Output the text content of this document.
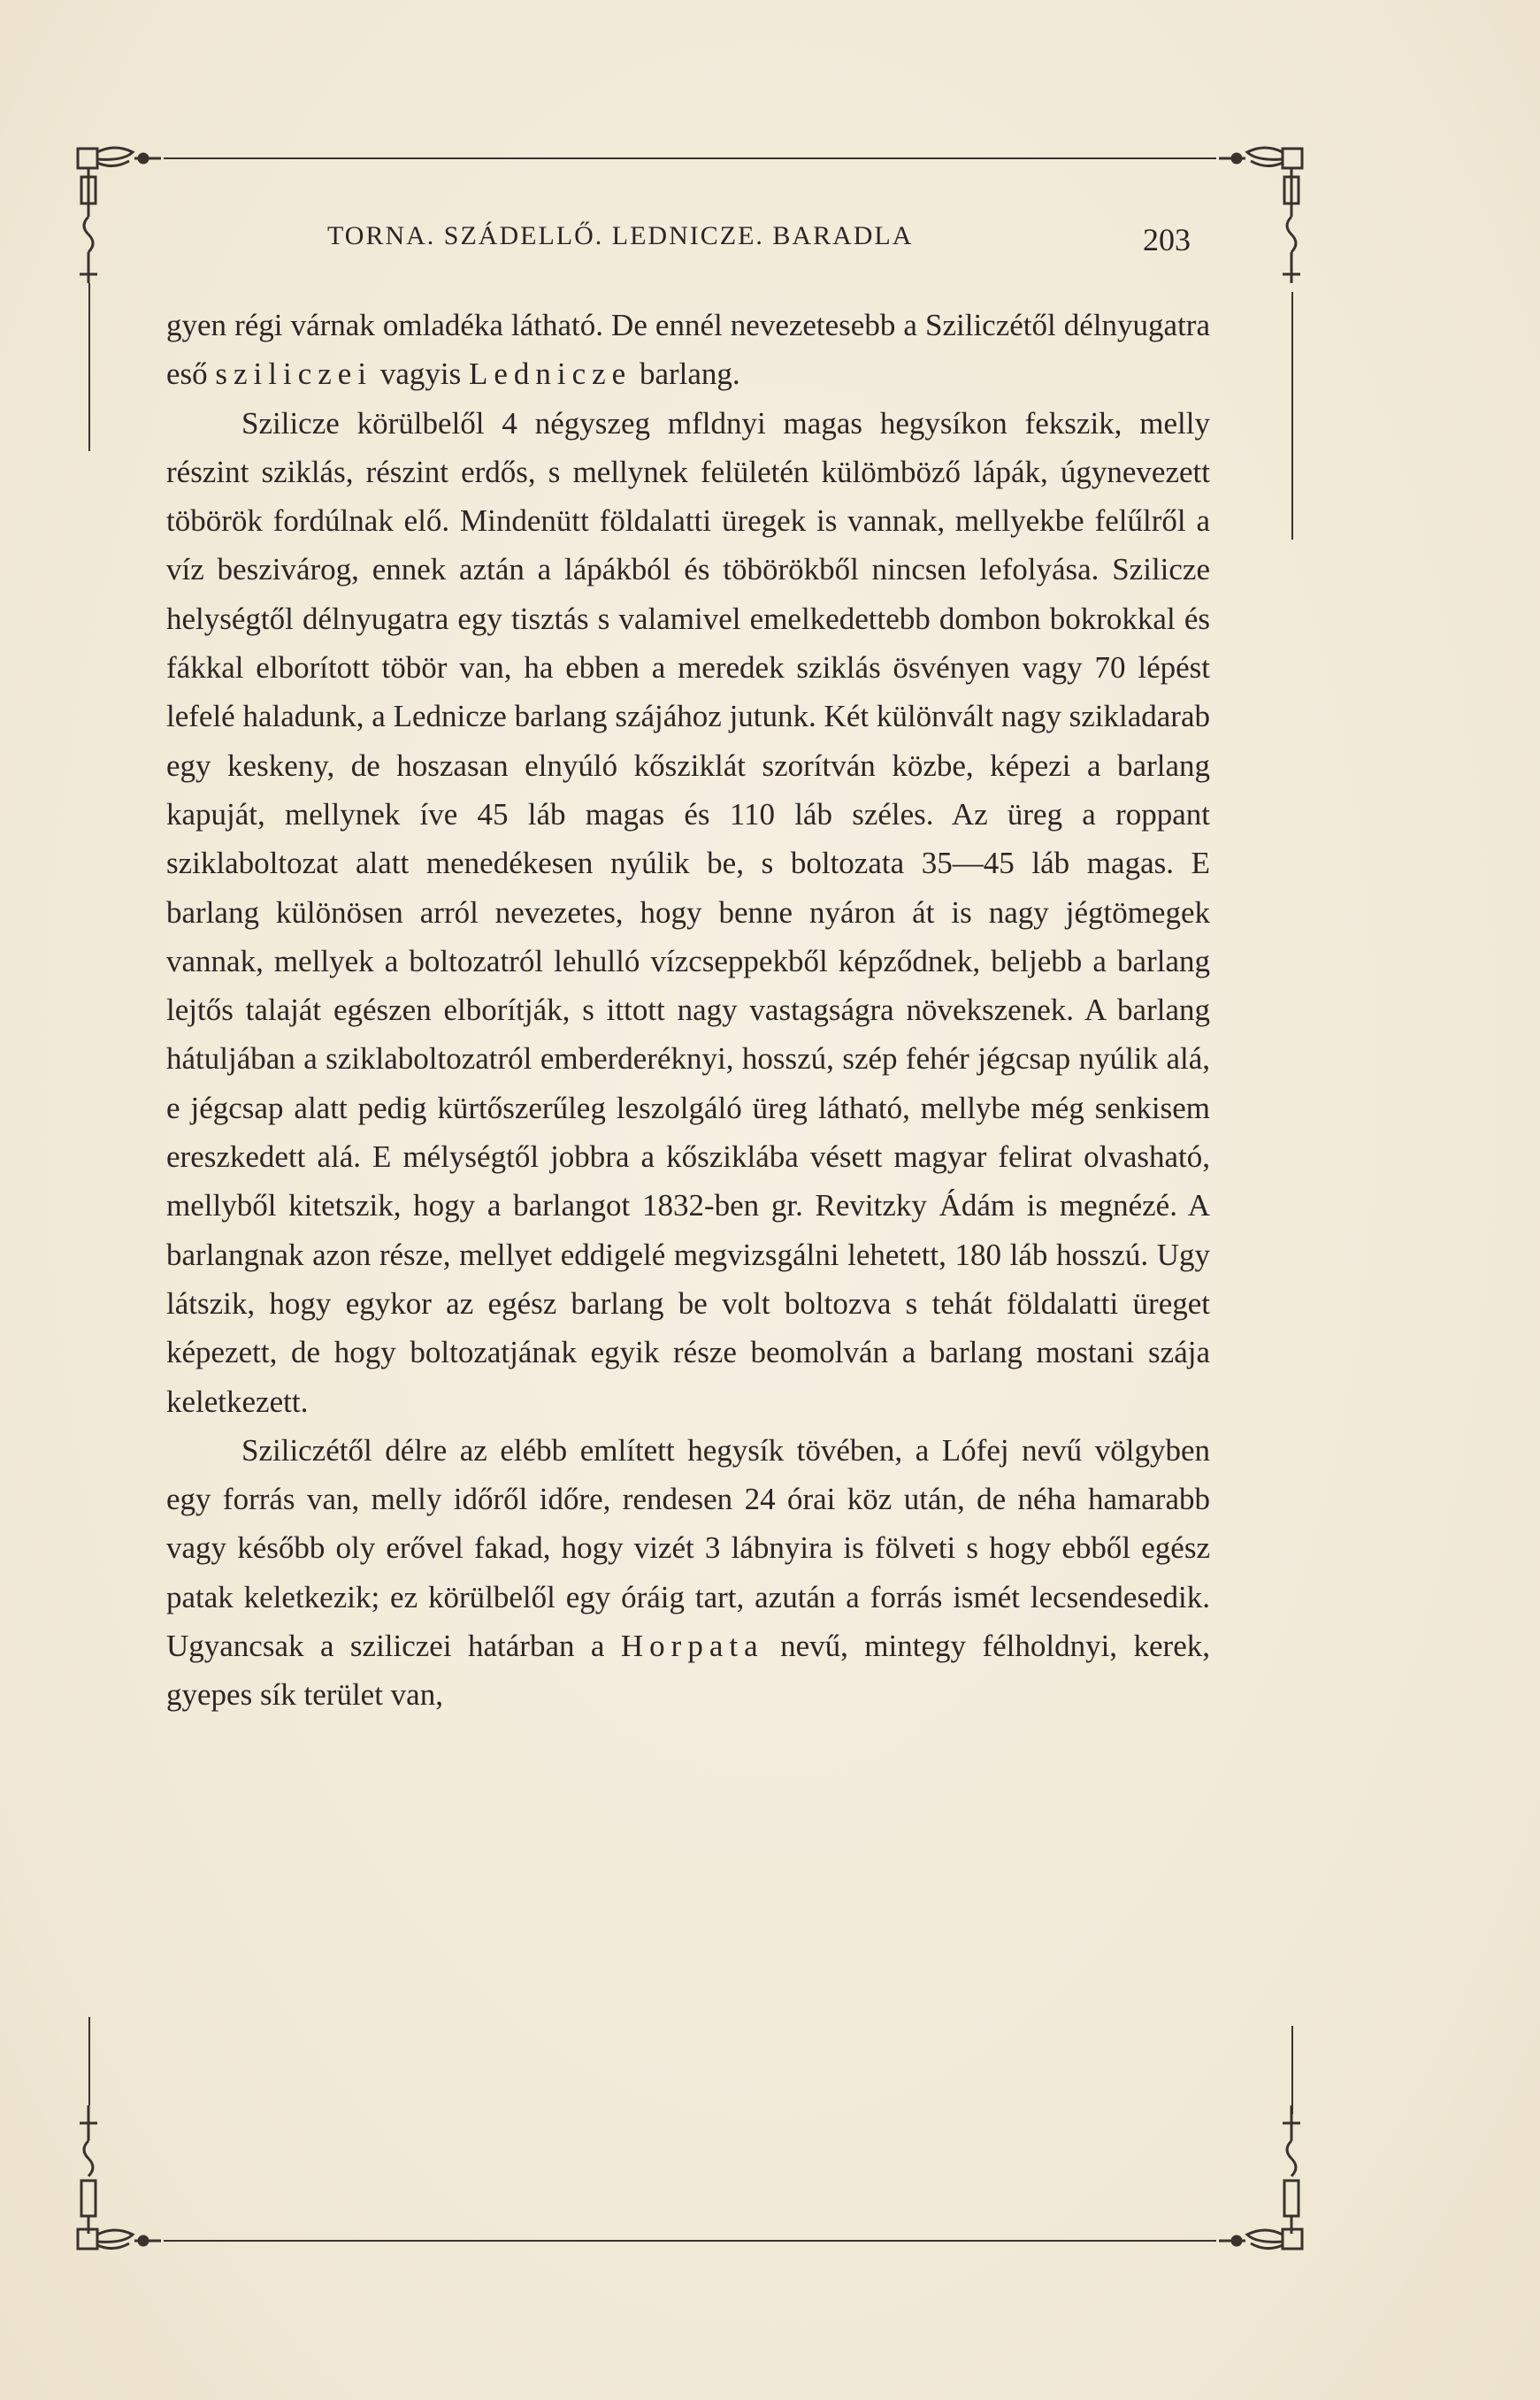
TORNA. SZÁDELLŐ. LEDNICZE. BARADLA	203

gyen régi várnak omladéka látható. De ennél nevezetesebb a Sziliczétől délnyugatra eső sziliczei vagyis Lednicze barlang.

Szilicze körülbelől 4 négyszeg mfldnyi magas hegysíkon fekszik, melly részint sziklás, részint erdős, s mellynek felületén külömböző lápák, úgynevezett töbörök fordúlnak elő. Mindenütt földalatti üregek is vannak, mellyekbe felűlről a víz beszivárog, ennek aztán a lápákból és töbörökből nincsen lefolyása. Szilicze helységtől délnyugatra egy tisztás s valamivel emelkedettebb dombon bokrokkal és fákkal elborított töbör van, ha ebben a meredek sziklás ösvényen vagy 70 lépést lefelé haladunk, a Lednicze barlang szájához jutunk. Két különvált nagy szikladarab egy keskeny, de hoszasan elnyúló kősziklát szorítván közbe, képezi a barlang kapuját, mellynek íve 45 láb magas és 110 láb széles. Az üreg a roppant sziklaboltozat alatt menedékesen nyúlik be, s boltozata 35—45 láb magas. E barlang különösen arról nevezetes, hogy benne nyáron át is nagy jégtömegek vannak, mellyek a boltozatról lehulló vízcseppekből képződnek, beljebb a barlang lejtős talaját egészen elborítják, s ittott nagy vastagságra növekszenek. A barlang hátuljában a sziklaboltozatról emberderéknyi, hosszú, szép fehér jégcsap nyúlik alá, e jégcsap alatt pedig kürtőszerűleg leszolgáló üreg látható, mellybe még senkisem ereszkedett alá. E mélységtől jobbra a kősziklába vésett magyar felirat olvasható, mellyből kitetszik, hogy a barlangot 1832-ben gr. Revitzky Ádám is megnézé. A barlangnak azon része, mellyet eddigelé megvizsgálni lehetett, 180 láb hosszú. Ugy látszik, hogy egykor az egész barlang be volt boltozva s tehát földalatti üreget képezett, de hogy boltozatjának egyik része beomolván a barlang mostani szája keletkezett.

Sziliczétől délre az elébb említett hegysík tövében, a Lófej nevű völgyben egy forrás van, melly időről időre, rendesen 24 órai köz után, de néha hamarabb vagy később oly erővel fakad, hogy vizét 3 lábnyira is fölveti s hogy ebből egész patak keletkezik; ez körülbelől egy óráig tart, azután a forrás ismét lecsendesedik. Ugyancsak a sziliczei határban a Horpata nevű, mintegy félholdnyi, kerek, gyepes sík terület van,
